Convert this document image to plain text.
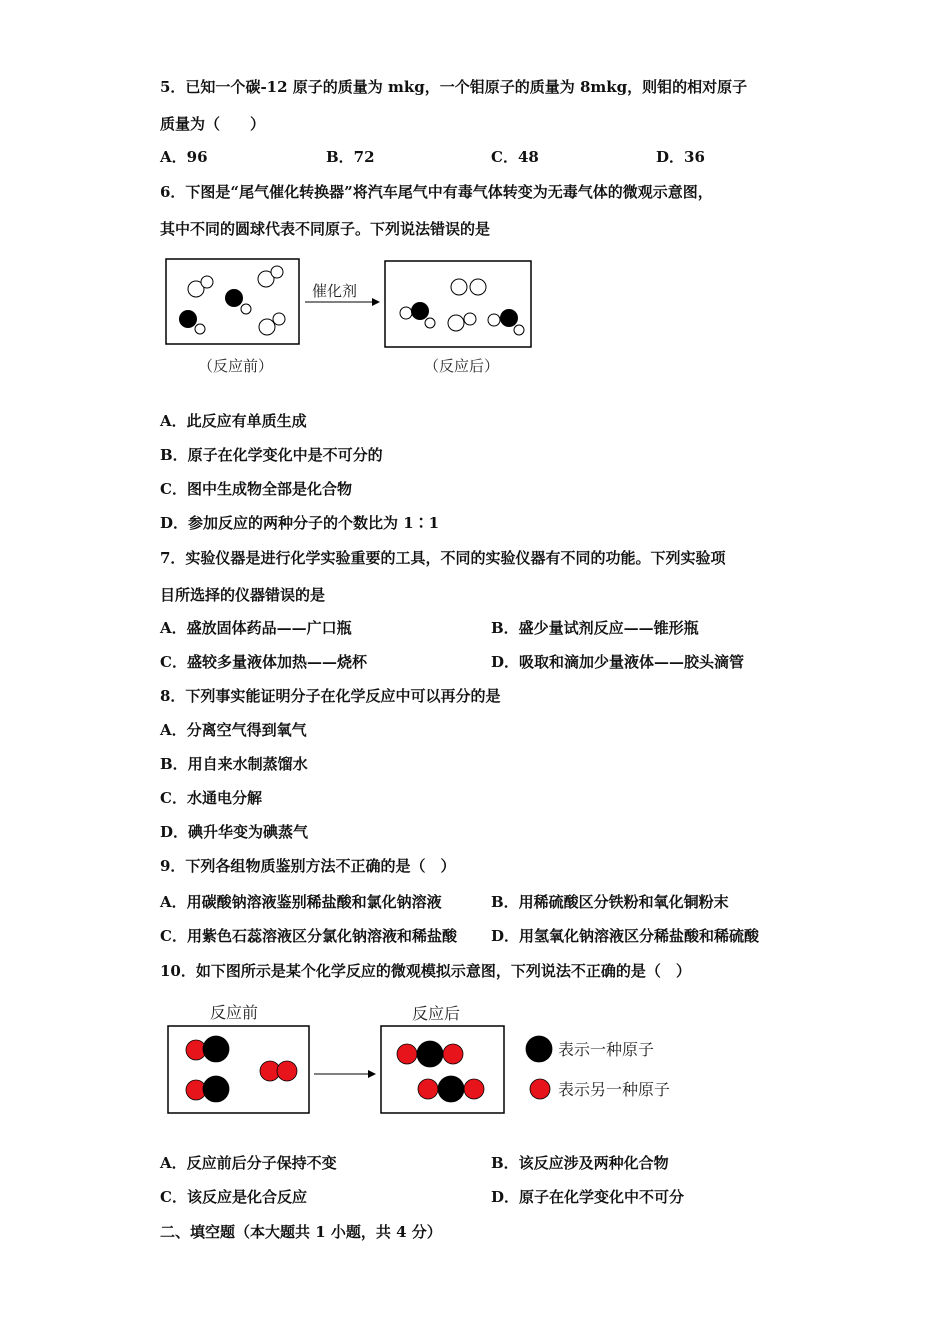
5．已知一个碳-12 原子的质量为 mkg，一个钼原子的质量为 8mkg，则钼的相对原子
质量为（　　）
A．96	B．72	C．48	D．36
6．下图是“尾气催化转换器”将汽车尾气中有毒气体转变为无毒气体的微观示意图，
其中不同的圆球代表不同原子。下列说法错误的是
催化剂
（反应前）	（反应后）
A．此反应有单质生成
B．原子在化学变化中是不可分的
C．图中生成物全部是化合物
D．参加反应的两种分子的个数比为 1∶1
7．实验仪器是进行化学实验重要的工具，不同的实验仪器有不同的功能。下列实验项
目所选择的仪器错误的是
A．盛放固体药品——广口瓶	B．盛少量试剂反应——锥形瓶
C．盛较多量液体加热——烧杯	D．吸取和滴加少量液体——胶头滴管
8．下列事实能证明分子在化学反应中可以再分的是
A．分离空气得到氧气
B．用自来水制蒸馏水
C．水通电分解
D．碘升华变为碘蒸气
9．下列各组物质鉴别方法不正确的是（　）
A．用碳酸钠溶液鉴别稀盐酸和氯化钠溶液	B．用稀硫酸区分铁粉和氧化铜粉末
C．用紫色石蕊溶液区分氯化钠溶液和稀盐酸 D．用氢氧化钠溶液区分稀盐酸和稀硫酸
10．如下图所示是某个化学反应的微观模拟示意图，下列说法不正确的是（　）
反应前	反应后
表示一种原子
表示另一种原子
A．反应前后分子保持不变	B．该反应涉及两种化合物
C．该反应是化合反应	D．原子在化学变化中不可分
二、填空题（本大题共 1 小题，共 4 分）
